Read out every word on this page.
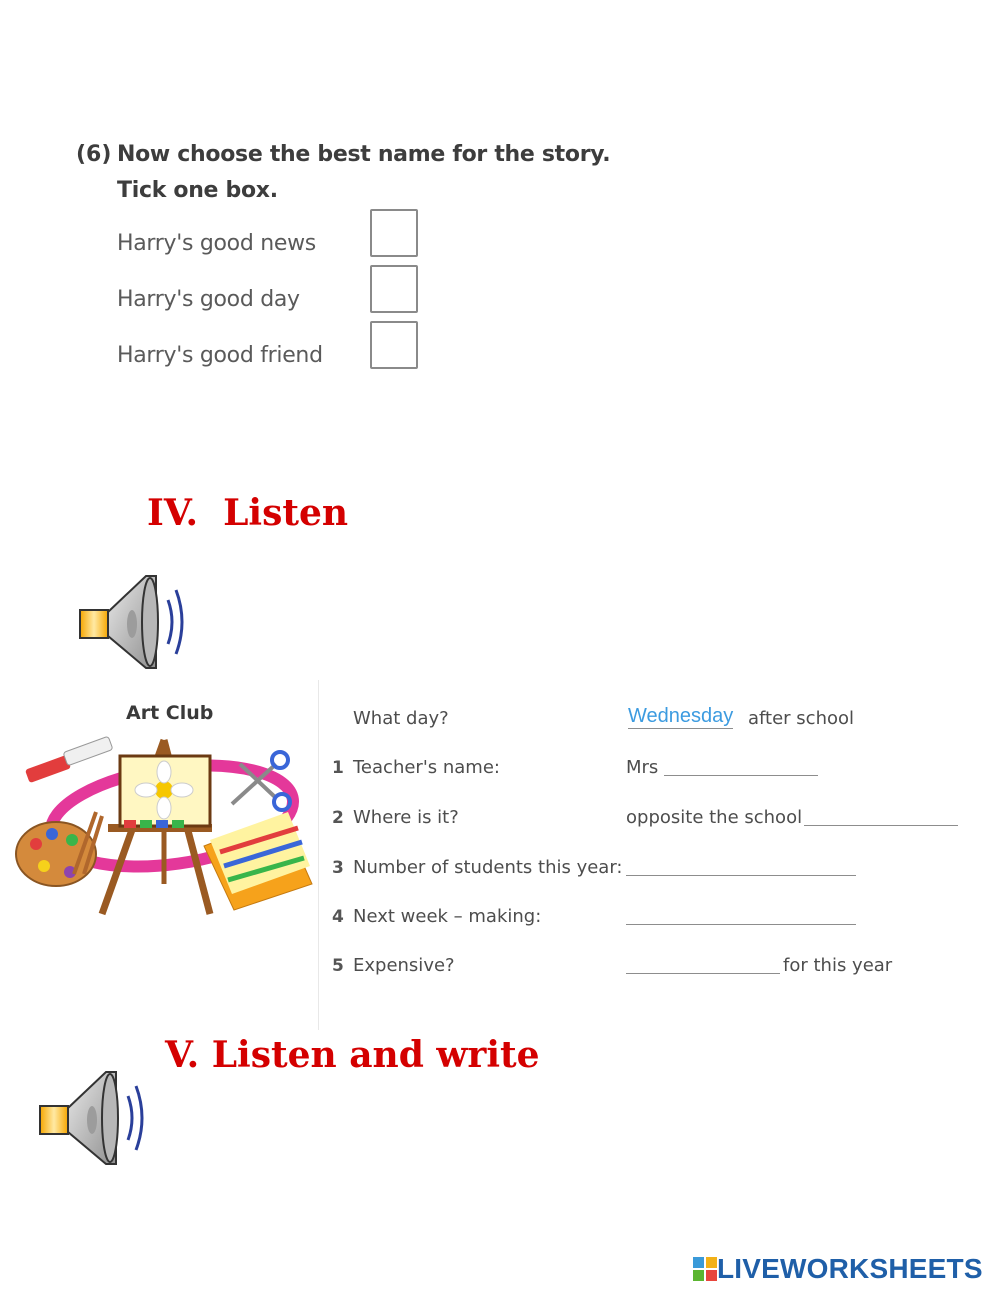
(6) Now choose the best name for the story.
Tick one box.
Harry's good news
Harry's good day
Harry's good friend
IV. Listen
Art Club	What day?	Wednesday after school
1 Teacher's name:	Mrs
2 Where is it?	opposite the school
3 Number of students this year:
4 Next week – making:
5 Expensive?	for this year
V. Listen and write
LIVEWORKSHEETS
